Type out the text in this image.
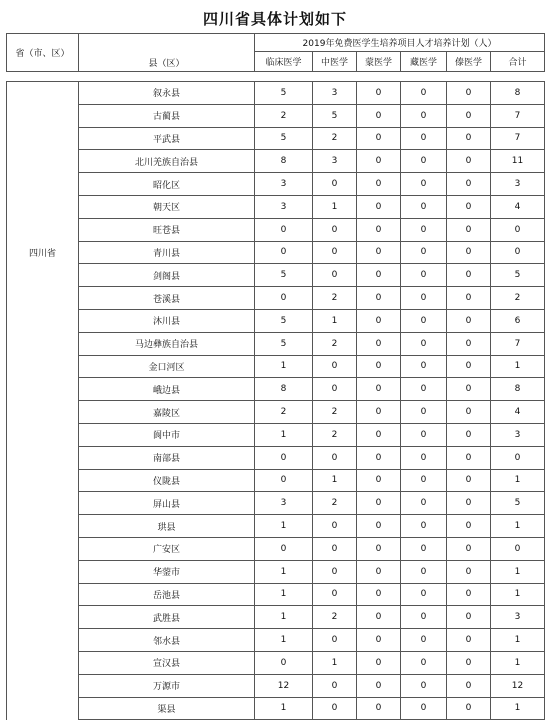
四川省具体计划如下
省（市、区）	县（区）	2019年免费医学生培养项目人才培养计划（人）					
		临床医学	中医学	蒙医学	藏医学	傣医学	合计

四川省	叙永县	5	3	0	0	0	8
	古蔺县	2	5	0	0	0	7
	平武县	5	2	0	0	0	7
	北川羌族自治县	8	3	0	0	0	11
	昭化区	3	0	0	0	0	3
	朝天区	3	1	0	0	0	4
	旺苍县	0	0	0	0	0	0
	青川县	0	0	0	0	0	0
	剑阁县	5	0	0	0	0	5
	苍溪县	0	2	0	0	0	2
	沐川县	5	1	0	0	0	6
	马边彝族自治县	5	2	0	0	0	7
	金口河区	1	0	0	0	0	1
	峨边县	8	0	0	0	0	8
	嘉陵区	2	2	0	0	0	4
	阆中市	1	2	0	0	0	3
	南部县	0	0	0	0	0	0
	仪陇县	0	1	0	0	0	1
	屏山县	3	2	0	0	0	5
	珙县	1	0	0	0	0	1
	广安区	0	0	0	0	0	0
	华蓥市	1	0	0	0	0	1
	岳池县	1	0	0	0	0	1
	武胜县	1	2	0	0	0	3
	邻水县	1	0	0	0	0	1
	宣汉县	0	1	0	0	0	1
	万源市	12	0	0	0	0	12
	渠县	1	0	0	0	0	1
